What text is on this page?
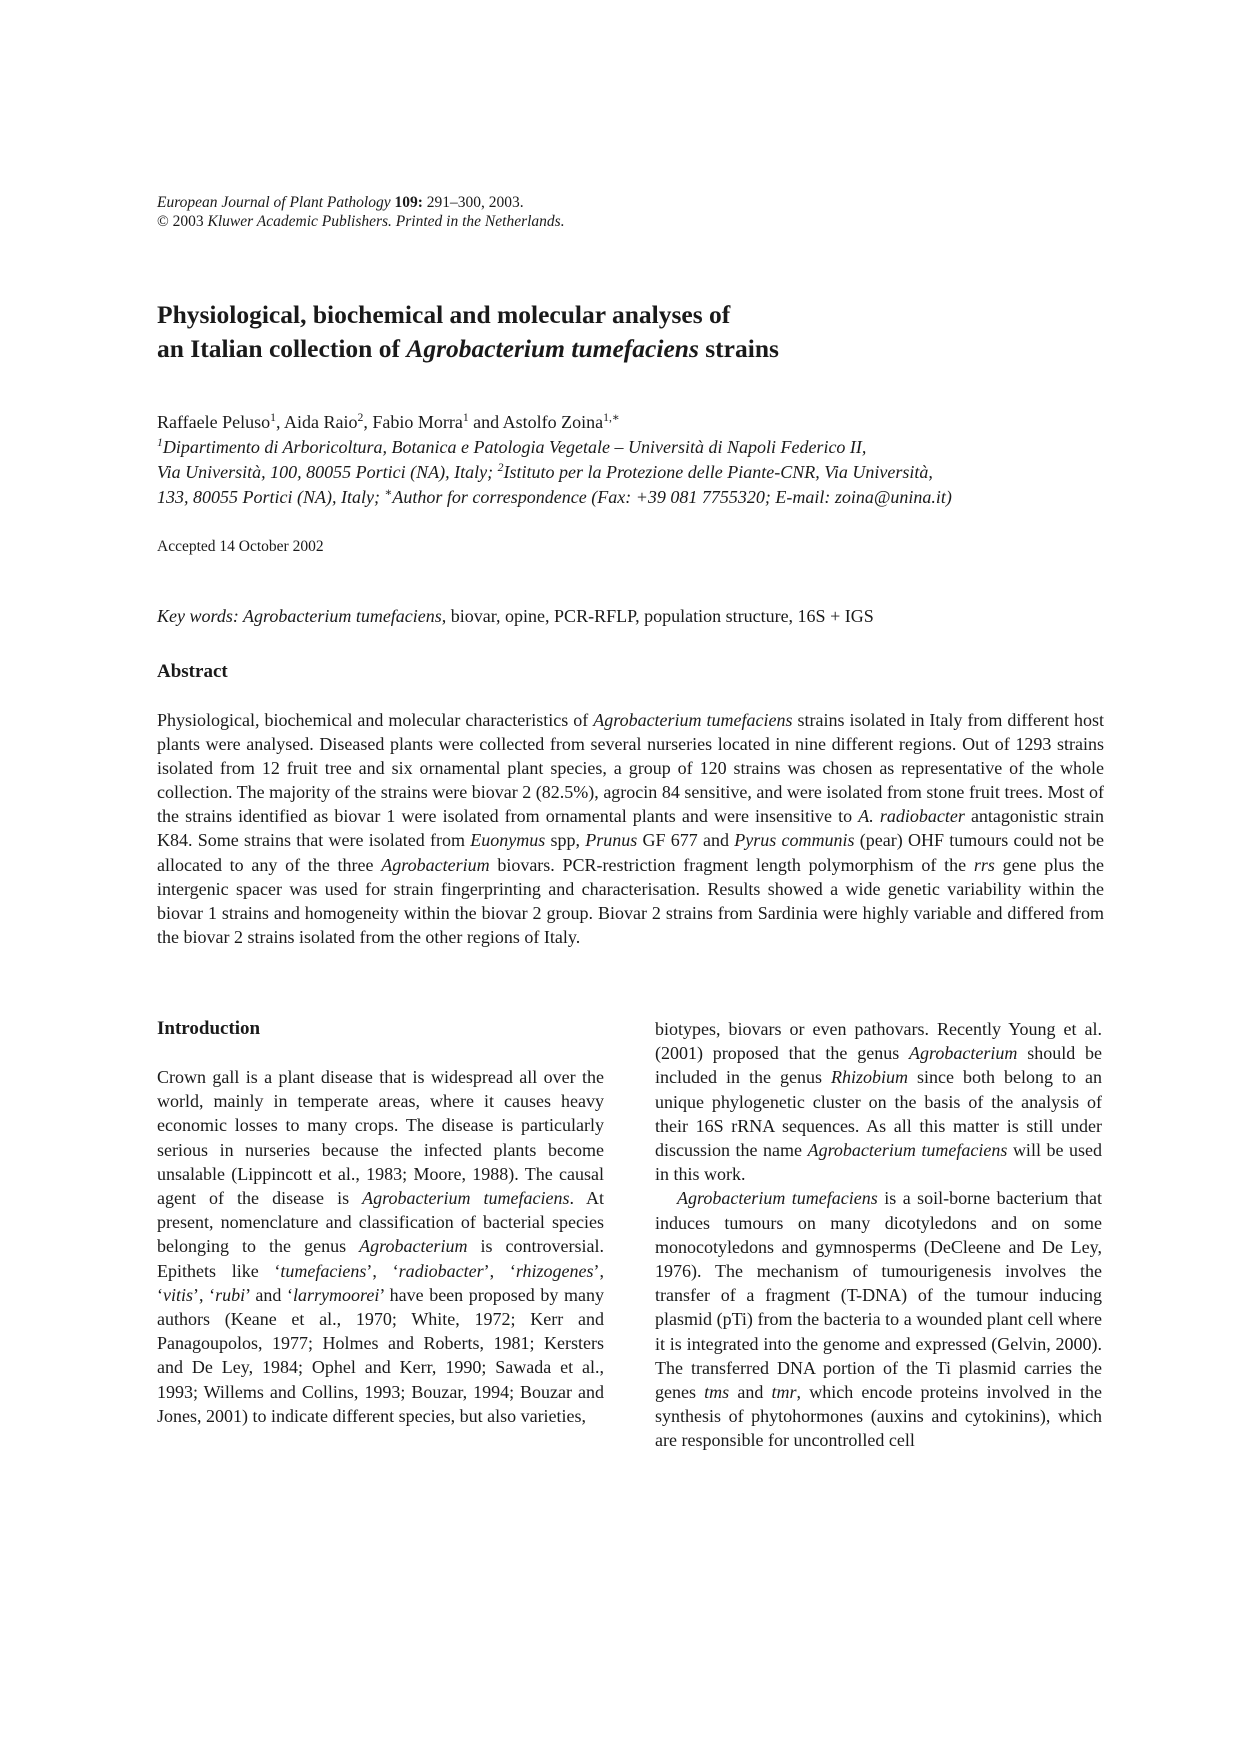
European Journal of Plant Pathology 109: 291–300, 2003.
© 2003 Kluwer Academic Publishers. Printed in the Netherlands.
Physiological, biochemical and molecular analyses of
an Italian collection of Agrobacterium tumefaciens strains
Raffaele Peluso$^1$, Aida Raio$^2$, Fabio Morra$^1$ and Astolfo Zoina$^{1,∗}$
$^1$Dipartimento di Arboricoltura, Botanica e Patologia Vegetale – Università di Napoli Federico II,
Via Università, 100, 80055 Portici (NA), Italy; $^2$Istituto per la Protezione delle Piante-CNR, Via Università,
133, 80055 Portici (NA), Italy; ∗Author for correspondence (Fax: +39 081 7755320; E-mail: zoina@unina.it)
Accepted 14 October 2002
Key words: Agrobacterium tumefaciens, biovar, opine, PCR-RFLP, population structure, 16S + IGS
Abstract

Physiological, biochemical and molecular characteristics of Agrobacterium tumefaciens strains isolated in Italy from different host plants were analysed. Diseased plants were collected from several nurseries located in nine different regions. Out of 1293 strains isolated from 12 fruit tree and six ornamental plant species, a group of 120 strains was chosen as representative of the whole collection. The majority of the strains were biovar 2 (82.5%), agrocin 84 sensitive, and were isolated from stone fruit trees. Most of the strains identified as biovar 1 were isolated from ornamental plants and were insensitive to A. radiobacter antagonistic strain K84. Some strains that were isolated from Euonymus spp, Prunus GF 677 and Pyrus communis (pear) OHF tumours could not be allocated to any of the three Agrobacterium biovars. PCR-restriction fragment length polymorphism of the rrs gene plus the intergenic spacer was used for strain fingerprinting and characterisation. Results showed a wide genetic variability within the biovar 1 strains and homogeneity within the biovar 2 group. Biovar 2 strains from Sardinia were highly variable and differed from the biovar 2 strains isolated from the other regions of Italy.

Introduction

Crown gall is a plant disease that is widespread all over the world, mainly in temperate areas, where it causes heavy economic losses to many crops. The disease is particularly serious in nurseries because the infected plants become unsalable (Lippincott et al., 1983; Moore, 1988). The causal agent of the disease is Agrobacterium tumefaciens. At present, nomenclature and classification of bacterial species belonging to the genus Agrobacterium is controversial. Epithets like ‘tumefaciens’, ‘radiobacter’, ‘rhizogenes’, ‘vitis’, ‘rubi’ and ‘larrymoorei’ have been proposed by many authors (Keane et al., 1970; White, 1972; Kerr and Panagoupolos, 1977; Holmes and Roberts, 1981; Kersters and De Ley, 1984; Ophel and Kerr, 1990; Sawada et al., 1993; Willems and Collins, 1993; Bouzar, 1994; Bouzar and Jones, 2001) to indicate different species, but also varieties,

biotypes, biovars or even pathovars. Recently Young et al. (2001) proposed that the genus Agrobacterium should be included in the genus Rhizobium since both belong to an unique phylogenetic cluster on the basis of the analysis of their 16S rRNA sequences. As all this matter is still under discussion the name Agrobacterium tumefaciens will be used in this work.

Agrobacterium tumefaciens is a soil-borne bacterium that induces tumours on many dicotyledons and on some monocotyledons and gymnosperms (DeCleene and De Ley, 1976). The mechanism of tumourigenesis involves the transfer of a fragment (T-DNA) of the tumour inducing plasmid (pTi) from the bacteria to a wounded plant cell where it is integrated into the genome and expressed (Gelvin, 2000). The transferred DNA portion of the Ti plasmid carries the genes tms and tmr, which encode proteins involved in the synthesis of phytohormones (auxins and cytokinins), which are responsible for uncontrolled cell
